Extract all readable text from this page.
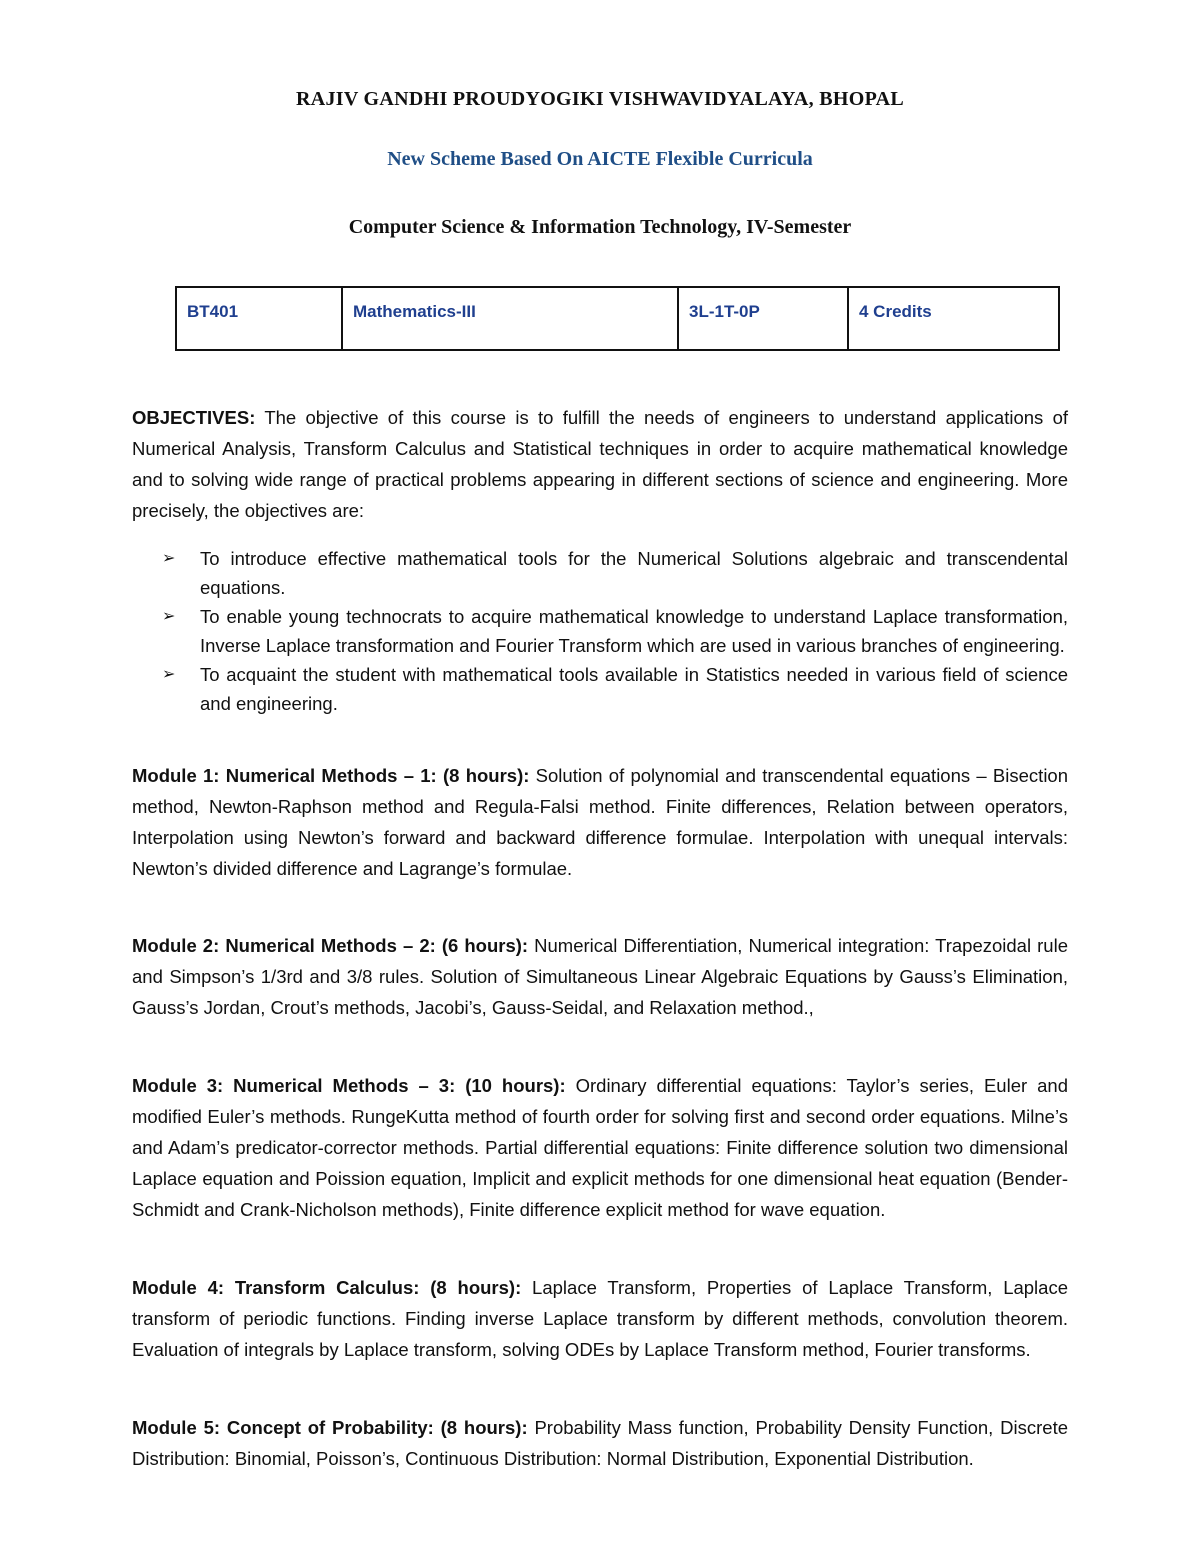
RAJIV GANDHI PROUDYOGIKI VISHWAVIDYALAYA, BHOPAL
New Scheme Based On AICTE Flexible Curricula
Computer Science & Information Technology, IV-Semester
BT401	Mathematics-III	3L-1T-0P	4 Credits
OBJECTIVES: The objective of this course is to fulfill the needs of engineers to understand applications of Numerical Analysis, Transform Calculus and Statistical techniques in order to acquire mathematical knowledge and to solving wide range of practical problems appearing in different sections of science and engineering. More precisely, the objectives are:
➢ To introduce effective mathematical tools for the Numerical Solutions algebraic and transcendental equations.
➢ To enable young technocrats to acquire mathematical knowledge to understand Laplace transformation, Inverse Laplace transformation and Fourier Transform which are used in various branches of engineering.
➢ To acquaint the student with mathematical tools available in Statistics needed in various field of science and engineering.

Module 1: Numerical Methods – 1: (8 hours): Solution of polynomial and transcendental equations – Bisection method, Newton-Raphson method and Regula-Falsi method. Finite differences, Relation between operators, Interpolation using Newton’s forward and backward difference formulae. Interpolation with unequal intervals: Newton’s divided difference and Lagrange’s formulae.

Module 2: Numerical Methods – 2: (6 hours): Numerical Differentiation, Numerical integration: Trapezoidal rule and Simpson’s 1/3rd and 3/8 rules. Solution of Simultaneous Linear Algebraic Equations by Gauss’s Elimination, Gauss’s Jordan, Crout’s methods, Jacobi’s, Gauss-Seidal, and Relaxation method.,

Module 3: Numerical Methods – 3: (10 hours): Ordinary differential equations: Taylor’s series, Euler and modified Euler’s methods. RungeKutta method of fourth order for solving first and second order equations. Milne’s and Adam’s predicator-corrector methods. Partial differential equations: Finite difference solution two dimensional Laplace equation and Poission equation, Implicit and explicit methods for one dimensional heat equation (Bender-Schmidt and Crank-Nicholson methods), Finite difference explicit method for wave equation.

Module 4: Transform Calculus: (8 hours): Laplace Transform, Properties of Laplace Transform, Laplace transform of periodic functions. Finding inverse Laplace transform by different methods, convolution theorem. Evaluation of integrals by Laplace transform, solving ODEs by Laplace Transform method, Fourier transforms.

Module 5: Concept of Probability: (8 hours): Probability Mass function, Probability Density Function, Discrete Distribution: Binomial, Poisson’s, Continuous Distribution: Normal Distribution, Exponential Distribution.
